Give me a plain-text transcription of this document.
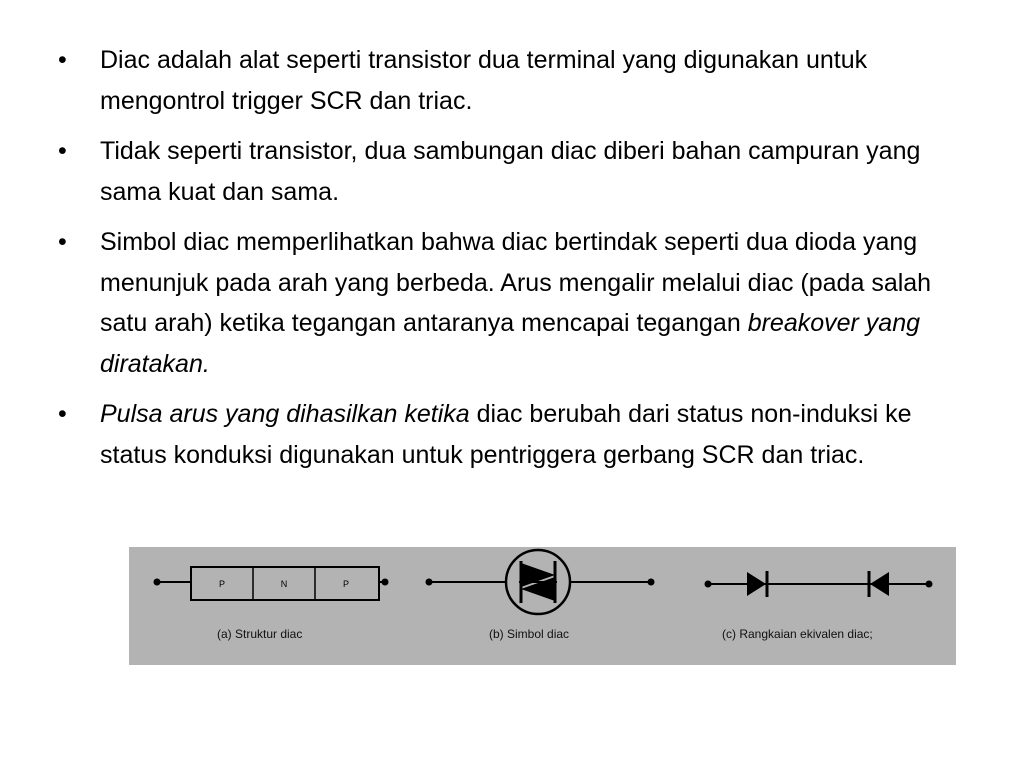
•	Diac adalah alat seperti transistor dua terminal yang digunakan untuk mengontrol trigger SCR dan triac.
•	Tidak seperti transistor, dua sambungan diac diberi bahan campuran yang sama kuat dan sama.
•	Simbol diac memperlihatkan bahwa diac bertindak seperti dua dioda yang menunjuk pada arah yang berbeda. Arus mengalir melalui diac (pada salah satu arah) ketika tegangan antaranya mencapai tegangan breakover yang diratakan.
•	Pulsa arus yang dihasilkan ketika diac berubah dari status non-induksi ke status konduksi digunakan untuk pentriggera gerbang SCR dan triac.
P	N	P
(a) Struktur diac	(b) Simbol diac	(c) Rangkaian ekivalen diac;
